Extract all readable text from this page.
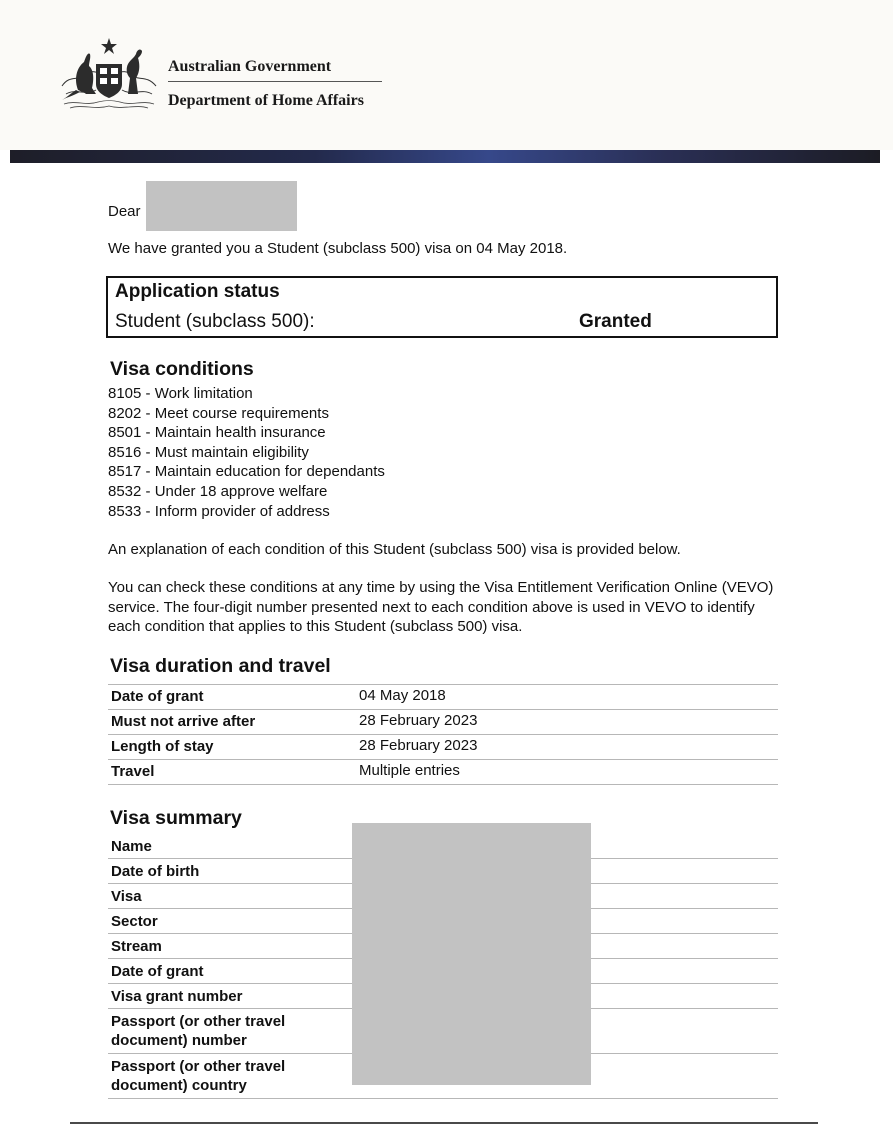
Australian Government
Department of Home Affairs
Dear
We have granted you a Student (subclass 500) visa on 04 May 2018.
Application status
Student (subclass 500):	Granted
Visa conditions
8105 - Work limitation
8202 - Meet course requirements
8501 - Maintain health insurance
8516 - Must maintain eligibility
8517 - Maintain education for dependants
8532 - Under 18 approve welfare
8533 - Inform provider of address
An explanation of each condition of this Student (subclass 500) visa is provided below.
You can check these conditions at any time by using the Visa Entitlement Verification Online (VEVO) service. The four-digit number presented next to each condition above is used in VEVO to identify each condition that applies to this Student (subclass 500) visa.
Visa duration and travel
Date of grant	04 May 2018
Must not arrive after	28 February 2023
Length of stay	28 February 2023
Travel	Multiple entries
Visa summary
Name
Date of birth
Visa
Sector
Stream
Date of grant
Visa grant number
Passport (or other travel document) number
Passport (or other travel document) country
